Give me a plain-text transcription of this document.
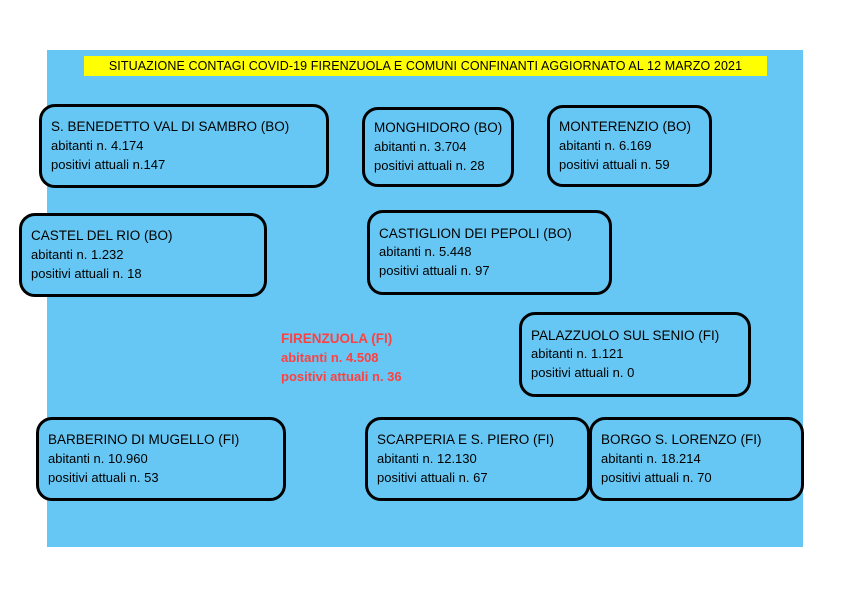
SITUAZIONE CONTAGI COVID-19 FIRENZUOLA E COMUNI CONFINANTI AGGIORNATO AL 12 MARZO 2021
S. BENEDETTO VAL DI SAMBRO (BO)
abitanti n. 4.174
positivi attuali n.147
MONGHIDORO (BO)
abitanti n. 3.704
positivi attuali n. 28
MONTERENZIO (BO)
abitanti n. 6.169
positivi attuali n. 59
CASTEL DEL RIO (BO)
abitanti n. 1.232
positivi attuali n. 18
CASTIGLION DEI PEPOLI (BO)
abitanti n. 5.448
positivi attuali n. 97
FIRENZUOLA (FI)
abitanti n. 4.508
positivi attuali n. 36
PALAZZUOLO SUL SENIO (FI)
abitanti n. 1.121
positivi attuali n. 0
BARBERINO DI MUGELLO (FI)
abitanti n. 10.960
positivi attuali n. 53
SCARPERIA E S. PIERO (FI)
abitanti n. 12.130
positivi attuali n. 67
BORGO S. LORENZO (FI)
abitanti n. 18.214
positivi attuali n. 70
